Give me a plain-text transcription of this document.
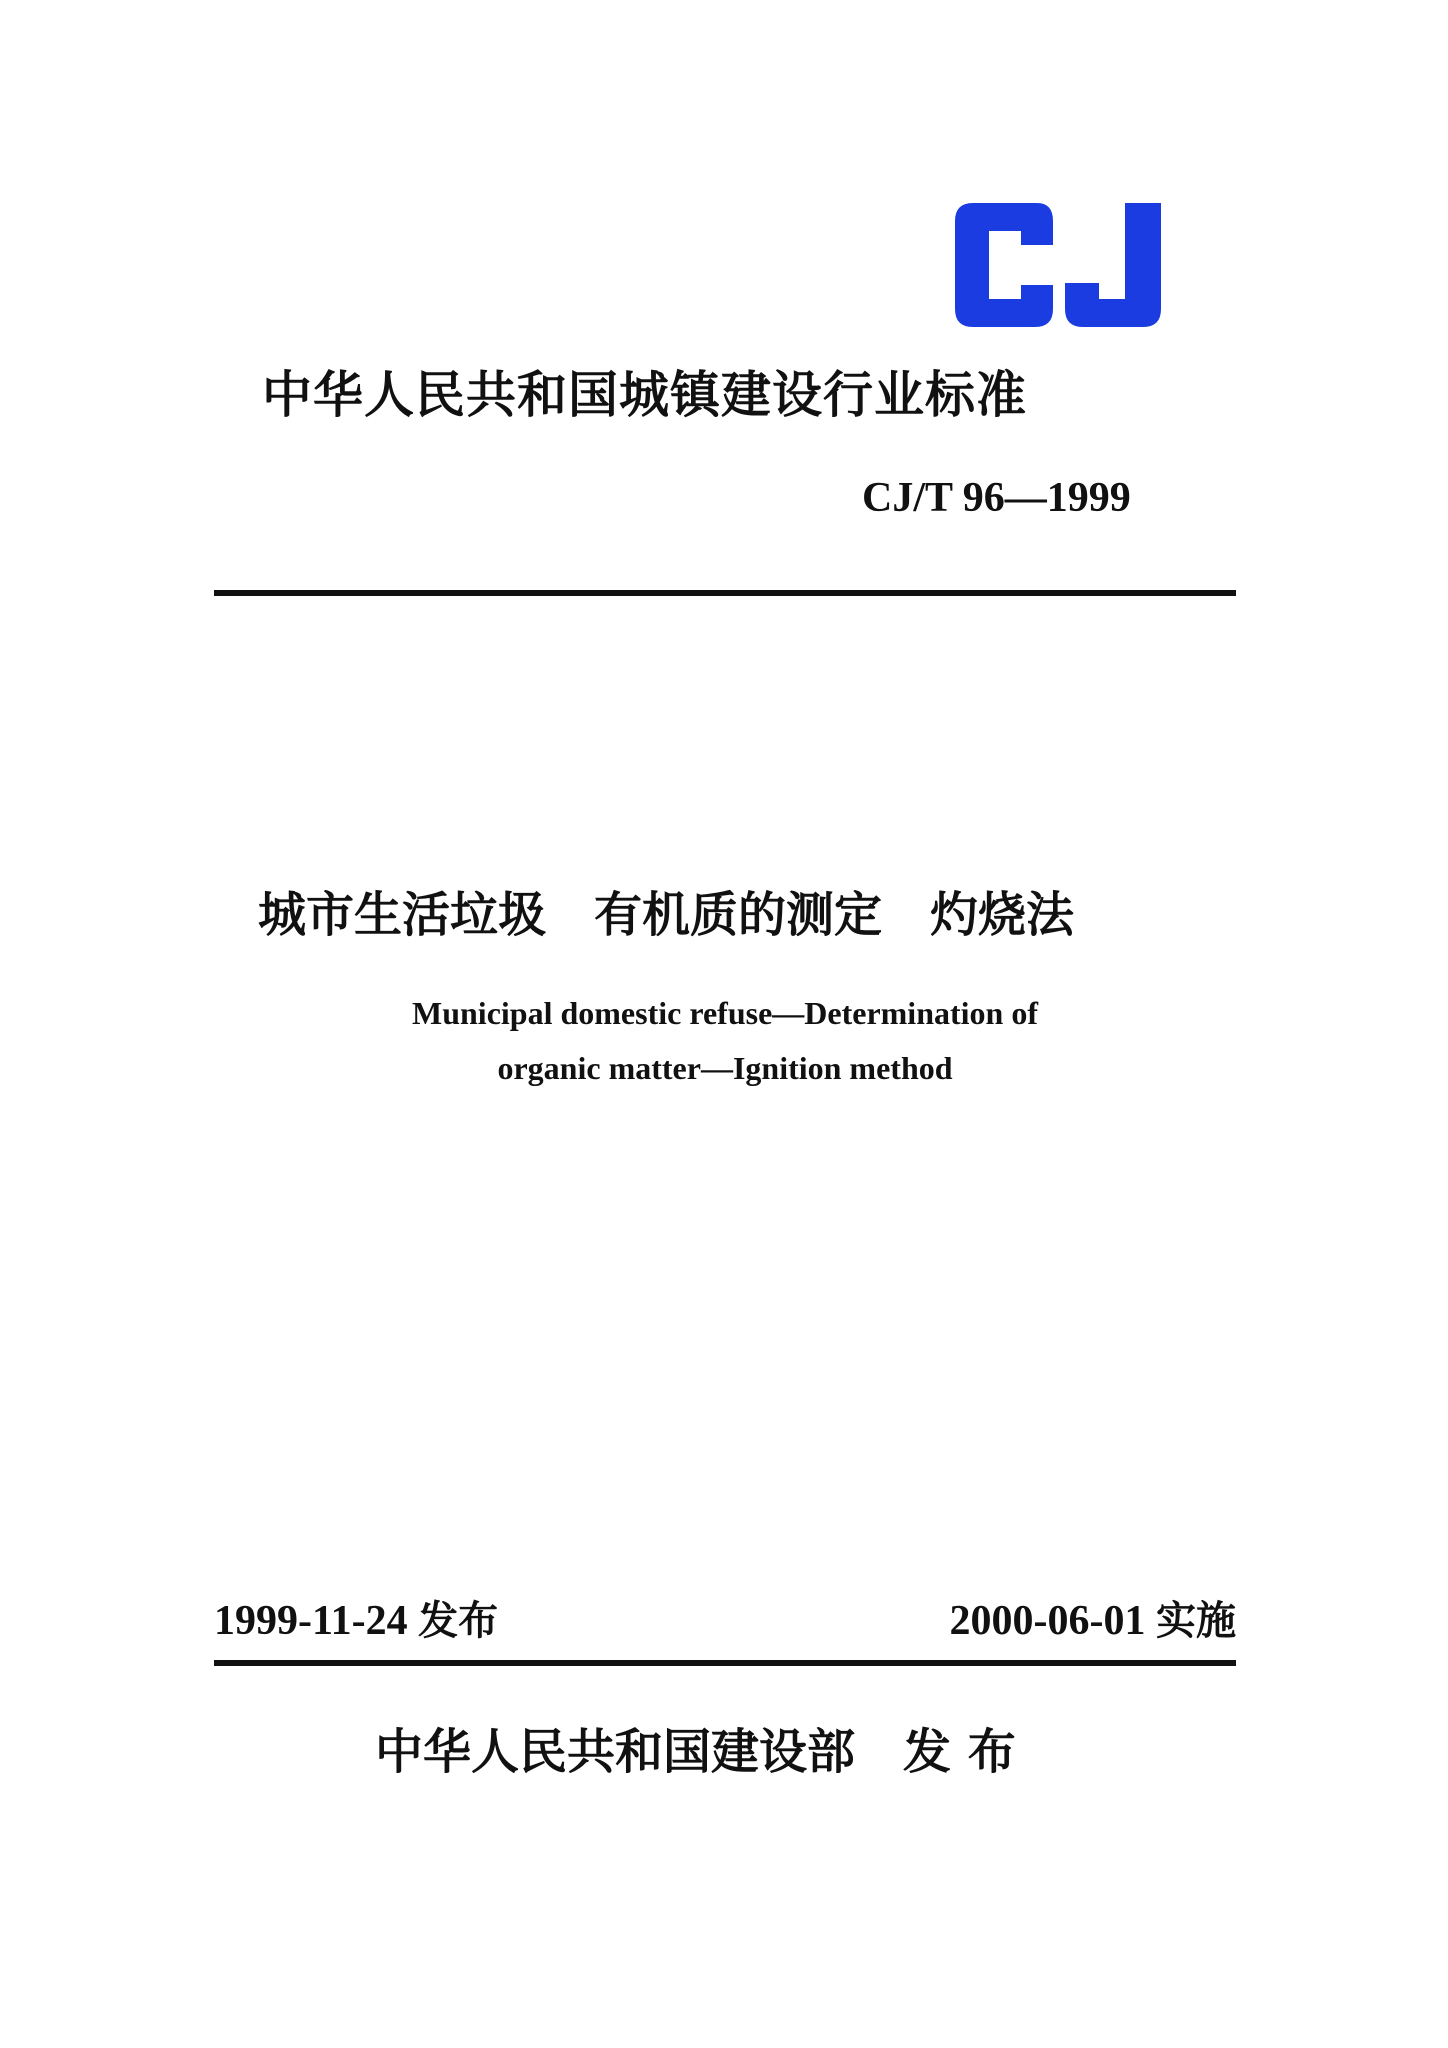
中华人民共和国城镇建设行业标准
CJ/T 96—1999
城市生活垃圾　有机质的测定　灼烧法
Municipal domestic refuse—Determination of
organic matter—Ignition method
1999-11-24 发布	2000-06-01 实施
中华人民共和国建设部　发 布
